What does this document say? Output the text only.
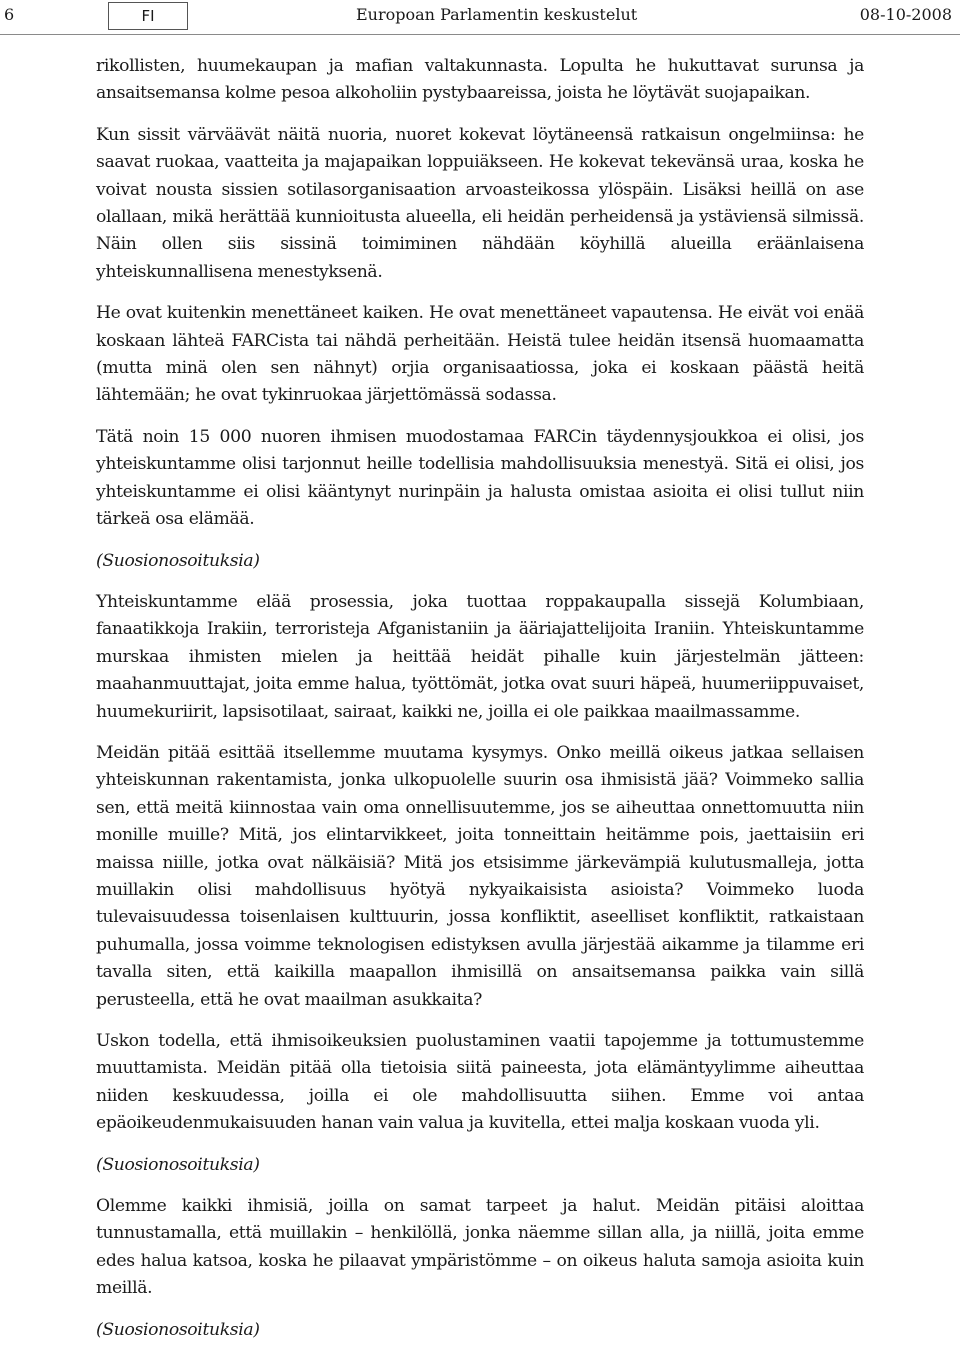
6	FI	Europoan Parlamentin keskustelut	08-10-2008

rikollisten, huumekaupan ja mafian valtakunnasta. Lopulta he hukuttavat surunsa ja ansaitsemansa kolme pesoa alkoholiin pystybaareissa, joista he löytävät suojapaikan.

Kun sissit värväävät näitä nuoria, nuoret kokevat löytäneensä ratkaisun ongelmiinsa: he saavat ruokaa, vaatteita ja majapaikan loppuiäkseen. He kokevat tekevänsä uraa, koska he voivat nousta sissien sotilasorganisaation arvoasteikossa ylöspäin. Lisäksi heillä on ase olallaan, mikä herättää kunnioitusta alueella, eli heidän perheidensä ja ystäviensä silmissä. Näin ollen siis sissinä toimiminen nähdään köyhillä alueilla eräänlaisena yhteiskunnallisena menestyksenä.

He ovat kuitenkin menettäneet kaiken. He ovat menettäneet vapautensa. He eivät voi enää koskaan lähteä FARCista tai nähdä perheitään. Heistä tulee heidän itsensä huomaamatta (mutta minä olen sen nähnyt) orjia organisaatiossa, joka ei koskaan päästä heitä lähtemään; he ovat tykinruokaa järjettömässä sodassa.

Tätä noin 15 000 nuoren ihmisen muodostamaa FARCin täydennysjoukkoa ei olisi, jos yhteiskuntamme olisi tarjonnut heille todellisia mahdollisuuksia menestyä. Sitä ei olisi, jos yhteiskuntamme ei olisi kääntynyt nurinpäin ja halusta omistaa asioita ei olisi tullut niin tärkeä osa elämää.

(Suosionosoituksia)

Yhteiskuntamme elää prosessia, joka tuottaa roppakaupalla sissejä Kolumbiaan, fanaatikkoja Irakiin, terroristeja Afganistaniin ja ääriajattelijoita Iraniin. Yhteiskuntamme murskaa ihmisten mielen ja heittää heidät pihalle kuin järjestelmän jätteen: maahanmuuttajat, joita emme halua, työttömät, jotka ovat suuri häpeä, huumeriippuvaiset, huumekuriirit, lapsisotilaat, sairaat, kaikki ne, joilla ei ole paikkaa maailmassamme.

Meidän pitää esittää itsellemme muutama kysymys. Onko meillä oikeus jatkaa sellaisen yhteiskunnan rakentamista, jonka ulkopuolelle suurin osa ihmisistä jää? Voimmeko sallia sen, että meitä kiinnostaa vain oma onnellisuutemme, jos se aiheuttaa onnettomuutta niin monille muille? Mitä, jos elintarvikkeet, joita tonneittain heitämme pois, jaettaisiin eri maissa niille, jotka ovat nälkäisiä? Mitä jos etsisimme järkevämpiä kulutusmalleja, jotta muillakin olisi mahdollisuus hyötyä nykyaikaisista asioista? Voimmeko luoda tulevaisuudessa toisenlaisen kulttuurin, jossa konfliktit, aseelliset konfliktit, ratkaistaan puhumalla, jossa voimme teknologisen edistyksen avulla järjestää aikamme ja tilamme eri tavalla siten, että kaikilla maapallon ihmisillä on ansaitsemansa paikka vain sillä perusteella, että he ovat maailman asukkaita?

Uskon todella, että ihmisoikeuksien puolustaminen vaatii tapojemme ja tottumustemme muuttamista. Meidän pitää olla tietoisia siitä paineesta, jota elämäntyylimme aiheuttaa niiden keskuudessa, joilla ei ole mahdollisuutta siihen. Emme voi antaa epäoikeudenmukaisuuden hanan vain valua ja kuvitella, ettei malja koskaan vuoda yli.

(Suosionosoituksia)

Olemme kaikki ihmisiä, joilla on samat tarpeet ja halut. Meidän pitäisi aloittaa tunnustamalla, että muillakin – henkilöllä, jonka näemme sillan alla, ja niillä, joita emme edes halua katsoa, koska he pilaavat ympäristömme – on oikeus haluta samoja asioita kuin meillä.

(Suosionosoituksia)
